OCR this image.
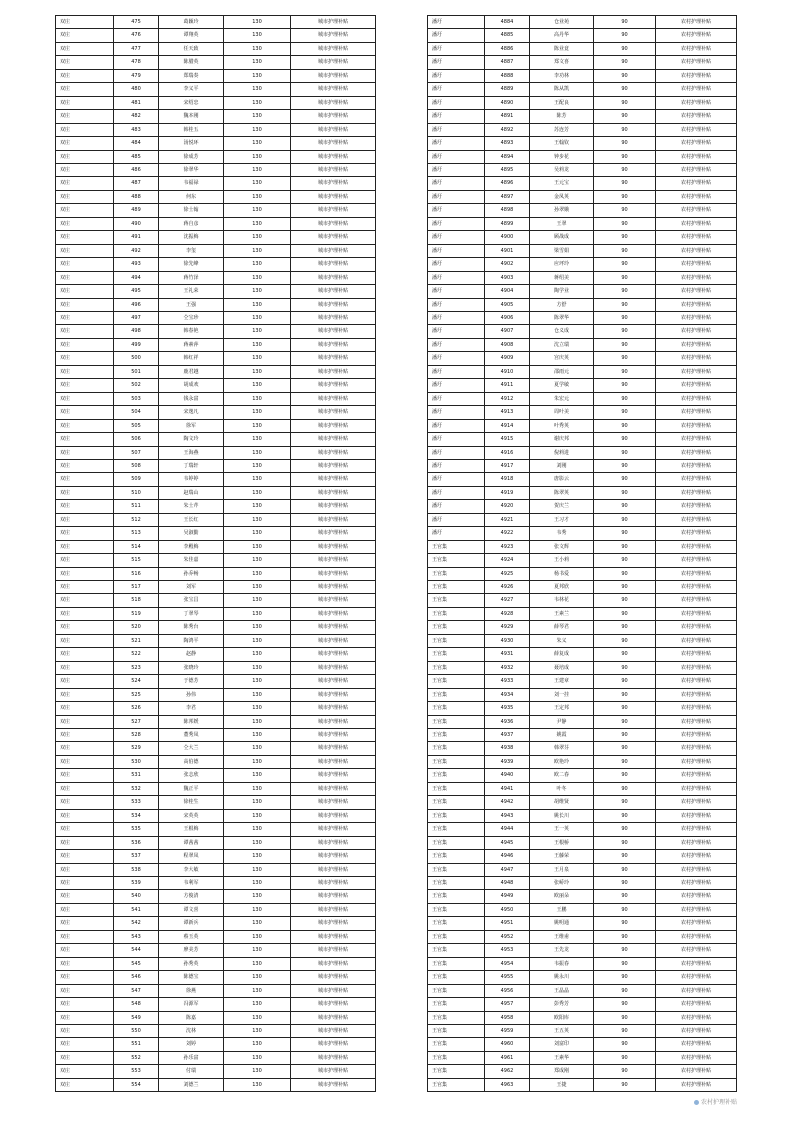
双庄	475	葛颖玲	130	城市护理补贴
双庄	476	谭翔英	130	城市护理补贴
双庄	477	任天致	130	城市护理补贴
双庄	478	陈腊英	130	城市护理补贴
双庄	479	郑瑞奏	130	城市护理补贴
双庄	480	李义平	130	城市护理补贴
双庄	481	宋绍忠	130	城市护理补贴
双庄	482	魏本刚	130	城市护理补贴
双庄	483	韩桂五	130	城市护理补贴
双庄	484	汤悦环	130	城市护理补贴
双庄	485	徐成芳	130	城市护理补贴
双庄	486	徐翠华	130	城市护理补贴
双庄	487	韦福禄	130	城市护理补贴
双庄	488	何东	130	城市护理补贴
双庄	489	徐士翰	130	城市护理补贴
双庄	490	蒋自彦	130	城市护理补贴
双庄	491	沈振梅	130	城市护理补贴
双庄	492	李玺	130	城市护理补贴
双庄	493	徐先峰	130	城市护理补贴
双庄	494	蒋竹泽	130	城市护理补贴
双庄	495	王礼荣	130	城市护理补贴
双庄	496	王强	130	城市护理补贴
双庄	497	仝宝珍	130	城市护理补贴
双庄	498	韩春艳	130	城市护理补贴
双庄	499	蒋素萍	130	城市护理补贴
双庄	500	韩红祥	130	城市护理补贴
双庄	501	鹿君越	130	城市护理补贴
双庄	502	胡成欢	130	城市护理补贴
双庄	503	钱永富	130	城市护理补贴
双庄	504	宋逸凡	130	城市护理补贴
双庄	505	徐军	130	城市护理补贴
双庄	506	陶文玲	130	城市护理补贴
双庄	507	王海燕	130	城市护理补贴
双庄	508	丁瑞轩	130	城市护理补贴
双庄	509	韦婷婷	130	城市护理补贴
双庄	510	赵瑞山	130	城市护理补贴
双庄	511	朱士芹	130	城市护理补贴
双庄	512	王长红	130	城市护理补贴
双庄	513	吴淑勤	130	城市护理补贴
双庄	514	李殿梅	130	城市护理补贴
双庄	515	朱佳嘉	130	城市护理补贴
双庄	516	孙乔畅	130	城市护理补贴
双庄	517	刘军	130	城市护理补贴
双庄	518	张宝昌	130	城市护理补贴
双庄	519	丁翠琴	130	城市护理补贴
双庄	520	陈秀台	130	城市护理补贴
双庄	521	陶鸿平	130	城市护理补贴
双庄	522	赵静	130	城市护理补贴
双庄	523	张晓玲	130	城市护理补贴
双庄	524	于德芳	130	城市护理补贴
双庄	525	孙伟	130	城市护理补贴
双庄	526	李君	130	城市护理补贴
双庄	527	陈邦媛	130	城市护理补贴
双庄	528	董秀凤	130	城市护理补贴
双庄	529	仝大兰	130	城市护理补贴
双庄	530	高伯德	130	城市护理补贴
双庄	531	张志欣	130	城市护理补贴
双庄	532	魏正平	130	城市护理补贴
双庄	533	徐桂生	130	城市护理补贴
双庄	534	宋英英	130	城市护理补贴
双庄	535	王根梅	130	城市护理补贴
双庄	536	谭茜茜	130	城市护理补贴
双庄	537	程翠凤	130	城市护理补贴
双庄	538	李大敏	130	城市护理补贴
双庄	539	韦利军	130	城市护理补贴
双庄	540	方俊清	130	城市护理补贴
双庄	541	谭文喜	130	城市护理补贴
双庄	542	谭新兵	130	城市护理补贴
双庄	543	蔡玉英	130	城市护理补贴
双庄	544	廖美芳	130	城市护理补贴
双庄	545	孙秀英	130	城市护理补贴
双庄	546	陈德宝	130	城市护理补贴
双庄	547	徐燕	130	城市护理补贴
双庄	548	冯源军	130	城市护理补贴
双庄	549	陈嘉	130	城市护理补贴
双庄	550	沈林	130	城市护理补贴
双庄	551	刘婷	130	城市护理补贴
双庄	552	孙乐富	130	城市护理补贴
双庄	553	付瑞	130	城市护理补贴
双庄	554	刘德兰	130	城市护理补贴
潘圩	4884	仓业苑	90	农村护理补贴
潘圩	4885	高丹华	90	农村护理补贴
潘圩	4886	陈业竟	90	农村护理补贴
潘圩	4887	郑文喜	90	农村护理补贴
潘圩	4888	李功林	90	农村护理补贴
潘圩	4889	陈从凯	90	农村护理补贴
潘圩	4890	王配良	90	农村护理补贴
潘圩	4891	陈芳	90	农村护理补贴
潘圩	4892	苏连芳	90	农村护理补贴
潘圩	4893	王翰钦	90	农村护理补贴
潘圩	4894	钟步花	90	农村护理补贴
潘圩	4895	吴莉龙	90	农村护理补贴
潘圩	4896	王元宝	90	农村护理补贴
潘圩	4897	金凤英	90	农村护理补贴
潘圩	4898	孙翠娥	90	农村护理补贴
潘圩	4899	王翠	90	农村护理补贴
潘圩	4900	顾战成	90	农村护理补贴
潘圩	4901	梁雪娟	90	农村护理补贴
潘圩	4902	应坪玲	90	农村护理补贴
潘圩	4903	蒋绍美	90	农村护理补贴
潘圩	4904	陶学业	90	农村护理补贴
潘圩	4905	方舒	90	农村护理补贴
潘圩	4906	陈翠华	90	农村护理补贴
潘圩	4907	仓义成	90	农村护理补贴
潘圩	4908	沈立瑞	90	农村护理补贴
潘圩	4909	宫庆英	90	农村护理补贴
潘圩	4910	邵雨元	90	农村护理补贴
潘圩	4911	夏学敏	90	农村护理补贴
潘圩	4912	朱宏元	90	农村护理补贴
潘圩	4913	周叶美	90	农村护理补贴
潘圩	4914	叶秀英	90	农村护理补贴
潘圩	4915	谢庆邦	90	农村护理补贴
潘圩	4916	倪莉进	90	农村护理补贴
潘圩	4917	刘刚	90	农村护理补贴
潘圩	4918	唐影云	90	农村护理补贴
潘圩	4919	陈翠英	90	农村护理补贴
潘圩	4920	贺庆兰	90	农村护理补贴
潘圩	4921	王习才	90	农村护理补贴
潘圩	4922	韦秀	90	农村护理补贴
王官集	4923	张文辉	90	农村护理补贴
王官集	4924	王小莉	90	农村护理补贴
王官集	4925	杨书爱	90	农村护理补贴
王官集	4926	夏邦欣	90	农村护理补贴
王官集	4927	韦林花	90	农村护理补贴
王官集	4928	王素兰	90	农村护理补贴
王官集	4929	薛琴君	90	农村护理补贴
王官集	4930	朱义	90	农村护理补贴
王官集	4931	薛复成	90	农村护理补贴
王官集	4932	聂培成	90	农村护理补贴
王官集	4933	王建章	90	农村护理补贴
王官集	4934	刘一挂	90	农村护理补贴
王官集	4935	王定邦	90	农村护理补贴
王官集	4936	尹静	90	农村护理补贴
王官集	4937	姚霞	90	农村护理补贴
王官集	4938	韩翠芬	90	农村护理补贴
王官集	4939	欧艳玲	90	农村护理补贴
王官集	4940	欧二春	90	农村护理补贴
王官集	4941	叶冬	90	农村护理补贴
王官集	4942	胡维贤	90	农村护理补贴
王官集	4943	姚长川	90	农村护理补贴
王官集	4944	王一英	90	农村护理补贴
王官集	4945	王根桥	90	农村护理补贴
王官集	4946	王藤荣	90	农村护理补贴
王官集	4947	王月泉	90	农村护理补贴
王官集	4948	张峤玲	90	农村护理补贴
王官集	4949	欧丽朵	90	农村护理补贴
王官集	4950	王鹏	90	农村护理补贴
王官集	4951	姚明通	90	农村护理补贴
王官集	4952	王维甫	90	农村护理补贴
王官集	4953	王先龙	90	农村护理补贴
王官集	4954	韦振春	90	农村护理补贴
王官集	4955	姚永川	90	农村护理补贴
王官集	4956	王晶晶	90	农村护理补贴
王官集	4957	彭秀芳	90	农村护理补贴
王官集	4958	欧阳库	90	农村护理补贴
王官集	4959	王五英	90	农村护理补贴
王官集	4960	刘富印	90	农村护理补贴
王官集	4961	王素华	90	农村护理补贴
王官集	4962	郑成刚	90	农村护理补贴
王官集	4963	王捷	90	农村护理补贴
农村护理补贴
